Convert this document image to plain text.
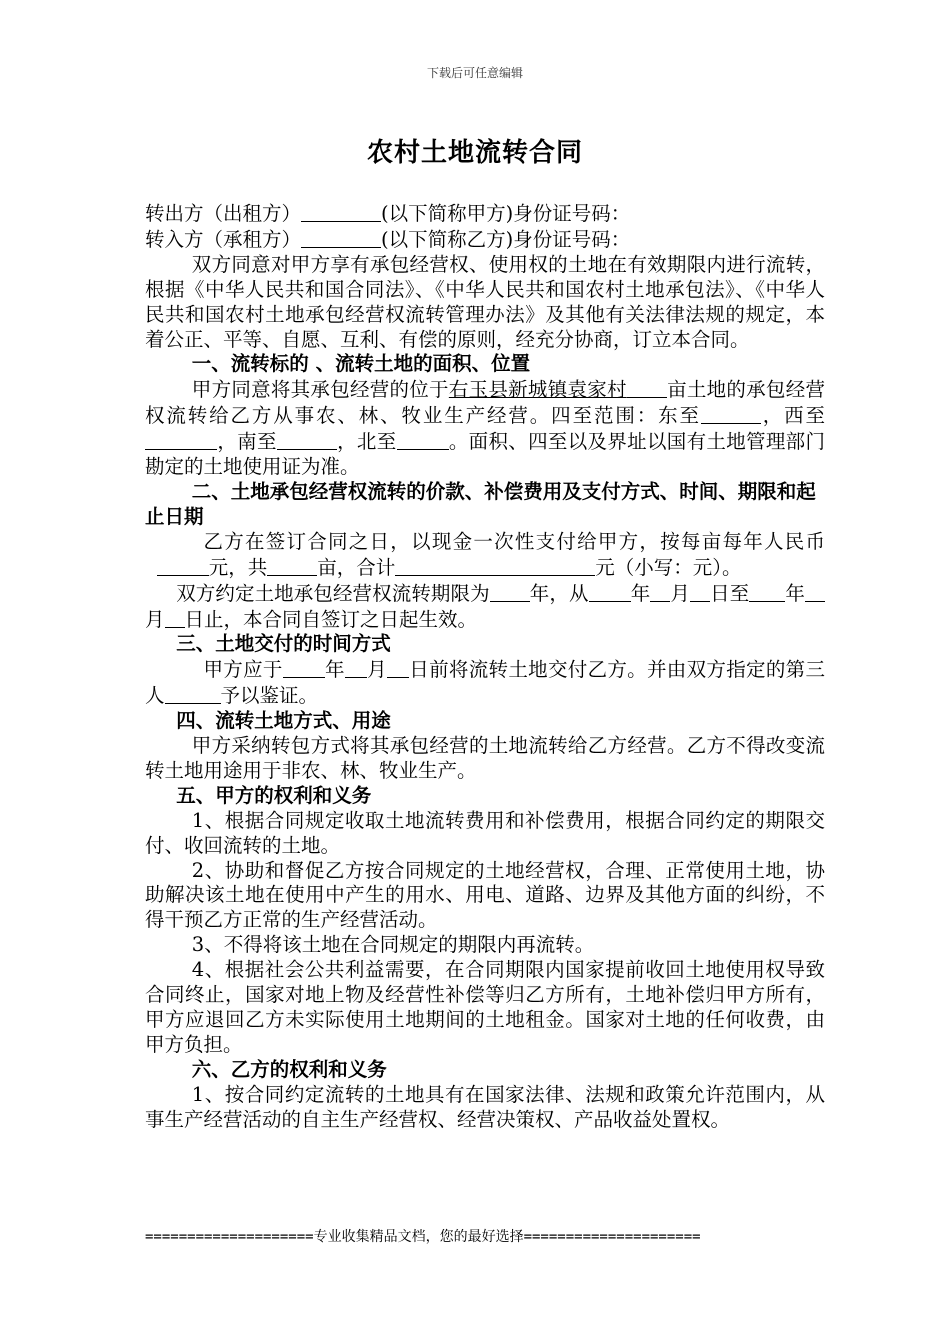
下载后可任意编辑
农村土地流转合同

转出方（出租方）	(以下简称甲方)身份证号码：

转入方（承租方）	(以下简称乙方)身份证号码：

双方同意对甲方享有承包经营权、使用权的土地在有效期限内进行流转，根据《中华人民共和国合同法》、《中华人民共和国农村土地承包法》、《中华人民共和国农村土地承包经营权流转管理办法》及其他有关法律法规的规定，本着公正、平等、自愿、互利、有偿的原则，经充分协商，订立本合同。

一、流转标的 、流转土地的面积、位置

甲方同意将其承包经营的位于右玉县新城镇袁家村 亩土地的承包经营权流转给乙方从事农、林、牧业生产经营。四至范围：东至	，西至，南至	，北至	。面积、四至以及界址以国有土地管理部门勘定的土地使用证为准。

二、土地承包经营权流转的价款、补偿费用及支付方式、时间、期限和起止日期

乙方在签订合同之日，以现金一次性支付给甲方，按每亩每年人民币元，共	亩，合计	元（小写：元）。

双方约定土地承包经营权流转期限为 年，从 年 月 日至 年月 日止，本合同自签订之日起生效。

三、土地交付的时间方式

甲方应于 年 月 日前将流转土地交付乙方。并由双方指定的第三人	予以鉴证。

四、流转土地方式、用途

甲方采纳转包方式将其承包经营的土地流转给乙方经营。乙方不得改变流转土地用途用于非农、林、牧业生产。

五、甲方的权利和义务

1、根据合同规定收取土地流转费用和补偿费用，根据合同约定的期限交付、收回流转的土地。

2、协助和督促乙方按合同规定的土地经营权，合理、正常使用土地，协助解决该土地在使用中产生的用水、用电、道路、边界及其他方面的纠纷，不得干预乙方正常的生产经营活动。

3、不得将该土地在合同规定的期限内再流转。

4、根据社会公共利益需要，在合同期限内国家提前收回土地使用权导致合同终止，国家对地上物及经营性补偿等归乙方所有，土地补偿归甲方所有，甲方应退回乙方未实际使用土地期间的土地租金。国家对土地的任何收费，由甲方负担。

六、乙方的权利和义务

1、按合同约定流转的土地具有在国家法律、法规和政策允许范围内，从事生产经营活动的自主生产经营权、经营决策权、产品收益处置权。

====================专业收集精品文档，您的最好选择=====================
